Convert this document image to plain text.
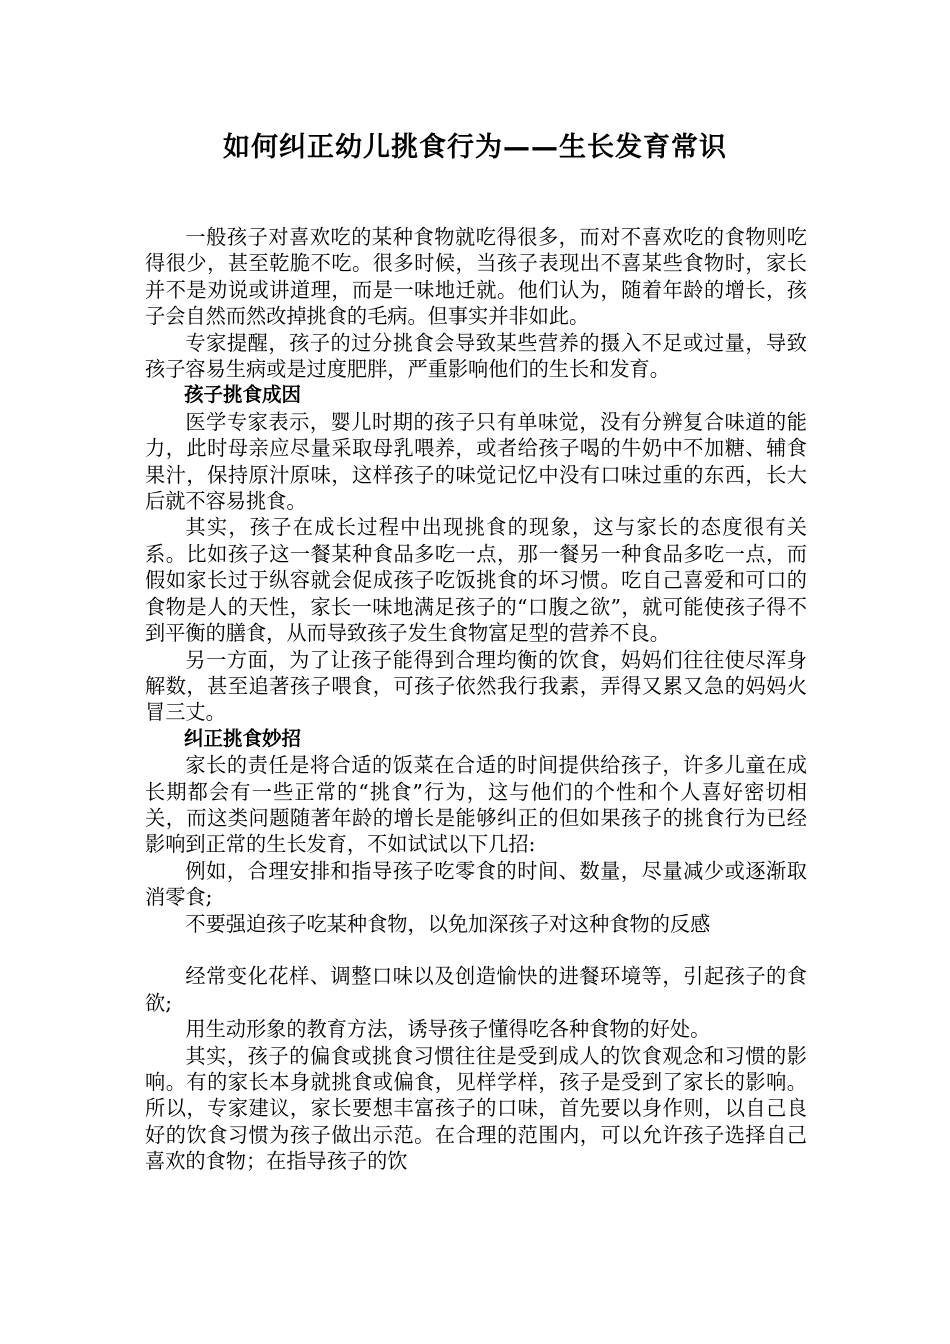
如何纠正幼儿挑食行为——生长发育常识

一般孩子对喜欢吃的某种食物就吃得很多，而对不喜欢吃的食物则吃得很少，甚至乾脆不吃。很多时候，当孩子表现出不喜某些食物时，家长并不是劝说或讲道理，而是一味地迁就。他们认为，随着年龄的增长，孩子会自然而然改掉挑食的毛病。但事实并非如此。

专家提醒，孩子的过分挑食会导致某些营养的摄入不足或过量，导致孩子容易生病或是过度肥胖，严重影响他们的生长和发育。

孩子挑食成因

医学专家表示，婴儿时期的孩子只有单味觉，没有分辨复合味道的能力，此时母亲应尽量采取母乳喂养，或者给孩子喝的牛奶中不加糖、辅食果汁，保持原汁原味，这样孩子的味觉记忆中没有口味过重的东西，长大后就不容易挑食。

其实，孩子在成长过程中出现挑食的现象，这与家长的态度很有关系。比如孩子这一餐某种食品多吃一点，那一餐另一种食品多吃一点，而假如家长过于纵容就会促成孩子吃饭挑食的坏习惯。吃自己喜爱和可口的食物是人的天性，家长一味地满足孩子的“口腹之欲”，就可能使孩子得不到平衡的膳食，从而导致孩子发生食物富足型的营养不良。

另一方面，为了让孩子能得到合理均衡的饮食，妈妈们往往使尽浑身解数，甚至追著孩子喂食，可孩子依然我行我素，弄得又累又急的妈妈火冒三丈。

纠正挑食妙招

家长的责任是将合适的饭菜在合适的时间提供给孩子，许多儿童在成长期都会有一些正常的“挑食”行为，这与他们的个性和个人喜好密切相关，而这类问题随著年龄的增长是能够纠正的但如果孩子的挑食行为已经影响到正常的生长发育，不如试试以下几招:

例如，合理安排和指导孩子吃零食的时间、数量，尽量减少或逐渐取消零食;

不要强迫孩子吃某种食物，以免加深孩子对这种食物的反感

经常变化花样、调整口味以及创造愉快的进餐环境等，引起孩子的食欲;

用生动形象的教育方法，诱导孩子懂得吃各种食物的好处。

其实，孩子的偏食或挑食习惯往往是受到成人的饮食观念和习惯的影响。有的家长本身就挑食或偏食，见样学样，孩子是受到了家长的影响。所以，专家建议，家长要想丰富孩子的口味，首先要以身作则，以自己良好的饮食习惯为孩子做出示范。在合理的范围内，可以允许孩子选择自己喜欢的食物；在指导孩子的饮
